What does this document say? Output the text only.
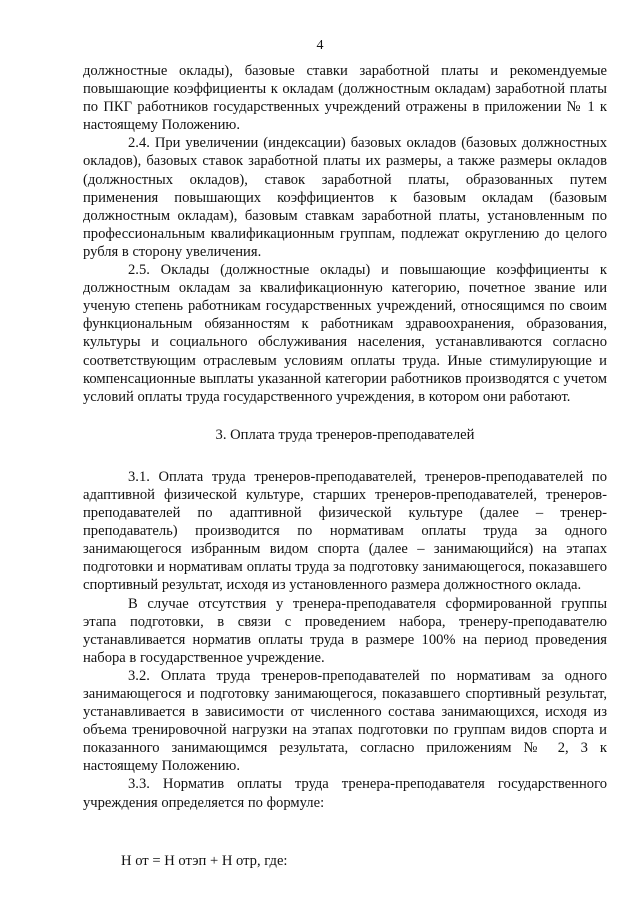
4

должностные оклады), базовые ставки заработной платы и рекомендуемые повышающие коэффициенты к окладам (должностным окладам) заработной платы по ПКГ работников государственных учреждений отражены в приложении № 1 к настоящему Положению.

2.4. При увеличении (индексации) базовых окладов (базовых должностных окладов), базовых ставок заработной платы их размеры, а также размеры окладов (должностных окладов), ставок заработной платы, образованных путем применения повышающих коэффициентов к базовым окладам (базовым должностным окладам), базовым ставкам заработной платы, установленным по профессиональным квалификационным группам, подлежат округлению до целого рубля в сторону увеличения.

2.5. Оклады (должностные оклады) и повышающие коэффициенты к должностным окладам за квалификационную категорию, почетное звание или ученую степень работникам государственных учреждений, относящимся по своим функциональным обязанностям к работникам здравоохранения, образования, культуры и социального обслуживания населения, устанавливаются согласно соответствующим отраслевым условиям оплаты труда. Иные стимулирующие и компенсационные выплаты указанной категории работников производятся с учетом условий оплаты труда государственного учреждения, в котором они работают.

3. Оплата труда тренеров-преподавателей

3.1. Оплата труда тренеров-преподавателей, тренеров-преподавателей по адаптивной физической культуре, старших тренеров-преподавателей, тренеров-преподавателей по адаптивной физической культуре (далее – тренер-преподаватель) производится по нормативам оплаты труда за одного занимающегося избранным видом спорта (далее – занимающийся) на этапах подготовки и нормативам оплаты труда за подготовку занимающегося, показавшего спортивный результат, исходя из установленного размера должностного оклада.

В случае отсутствия у тренера-преподавателя сформированной группы этапа подготовки, в связи с проведением набора, тренеру-преподавателю устанавливается норматив оплаты труда в размере 100% на период проведения набора в государственное учреждение.

3.2. Оплата труда тренеров-преподавателей по нормативам за одного занимающегося и подготовку занимающегося, показавшего спортивный результат, устанавливается в зависимости от численного состава занимающихся, исходя из объема тренировочной нагрузки на этапах подготовки по группам видов спорта и показанного занимающимся результата, согласно приложениям № 2, 3 к настоящему Положению.

3.3. Норматив оплаты труда тренера-преподавателя государственного учреждения определяется по формуле:

Н от = Н отэп + Н отр, где:
